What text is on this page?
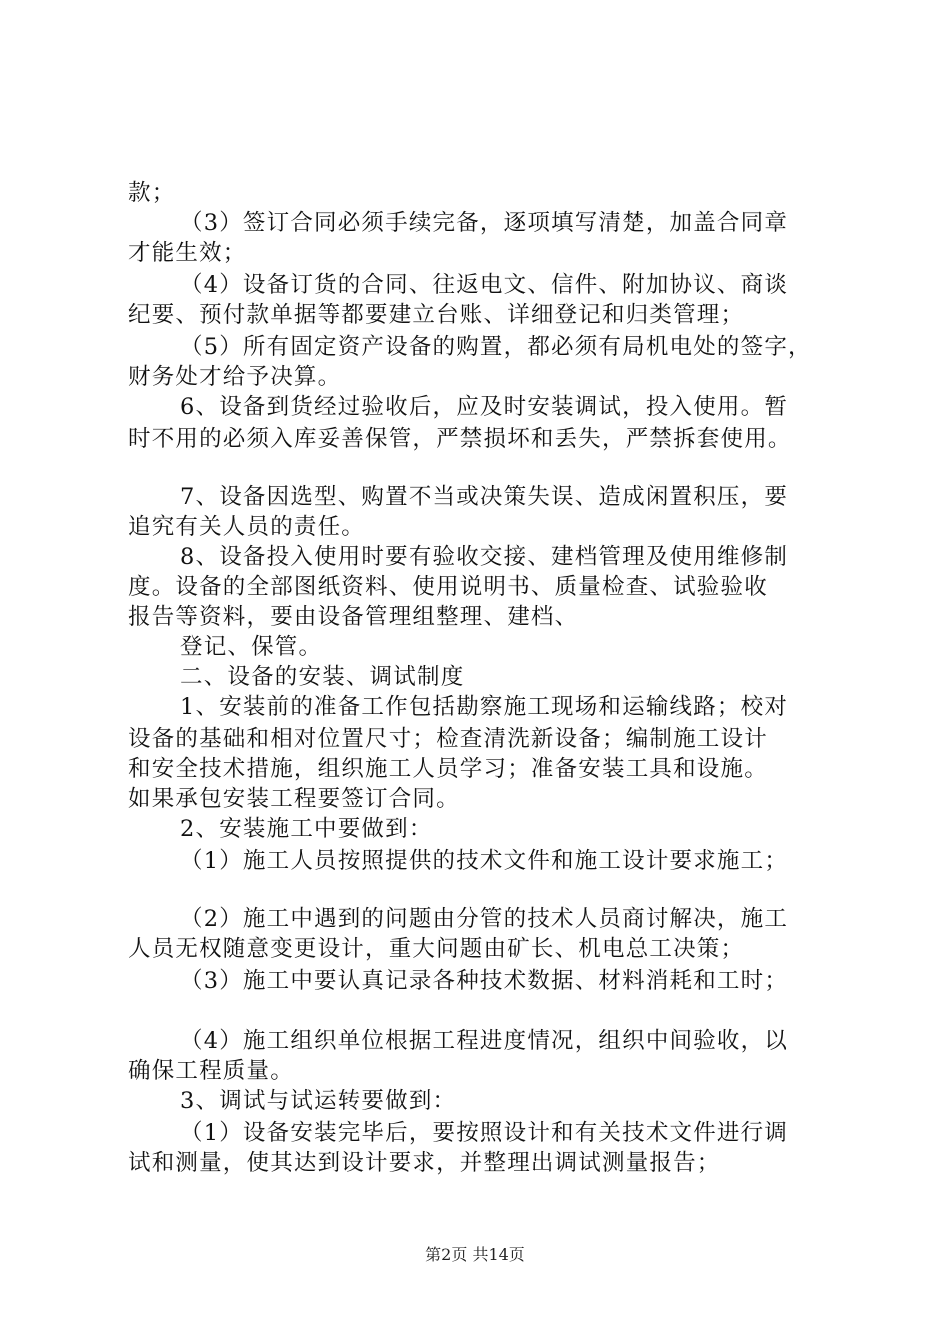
款；
（3）签订合同必须手续完备，逐项填写清楚，加盖合同章
才能生效；
（4）设备订货的合同、往返电文、信件、附加协议、商谈
纪要、预付款单据等都要建立台账、详细登记和归类管理；
（5）所有固定资产设备的购置，都必须有局机电处的签字，
财务处才给予决算。
6、设备到货经过验收后，应及时安装调试，投入使用。暂
时不用的必须入库妥善保管，严禁损坏和丢失，严禁拆套使用。
7、设备因选型、购置不当或决策失误、造成闲置积压，要
追究有关人员的责任。
8、设备投入使用时要有验收交接、建档管理及使用维修制
度。设备的全部图纸资料、使用说明书、质量检查、试验验收
报告等资料，要由设备管理组整理、建档、
登记、保管。
二、设备的安装、调试制度
1、安装前的准备工作包括勘察施工现场和运输线路；校对
设备的基础和相对位置尺寸；检查清洗新设备；编制施工设计
和安全技术措施，组织施工人员学习；准备安装工具和设施。
如果承包安装工程要签订合同。
2、安装施工中要做到：
（1）施工人员按照提供的技术文件和施工设计要求施工；
（2）施工中遇到的问题由分管的技术人员商讨解决，施工
人员无权随意变更设计，重大问题由矿长、机电总工决策；
（3）施工中要认真记录各种技术数据、材料消耗和工时；
（4）施工组织单位根据工程进度情况，组织中间验收，以
确保工程质量。
3、调试与试运转要做到：
（1）设备安装完毕后，要按照设计和有关技术文件进行调
试和测量，使其达到设计要求，并整理出调试测量报告；
第2页 共14页
